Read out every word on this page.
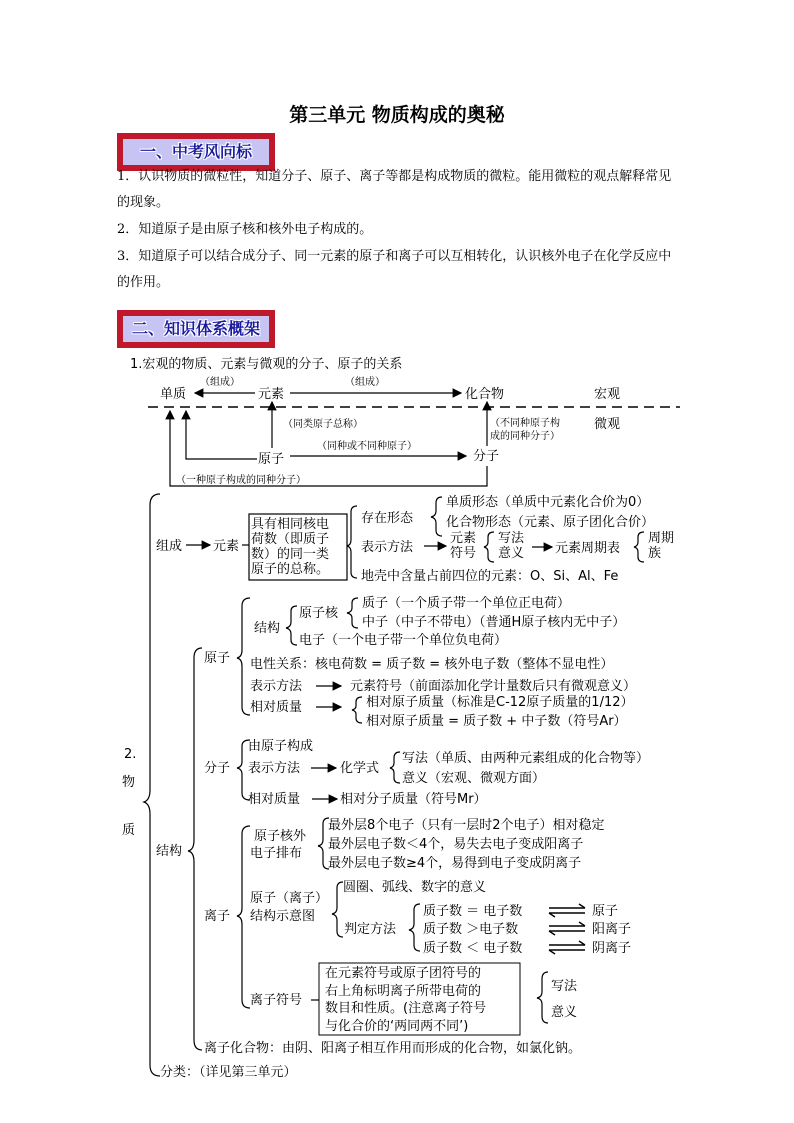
第三单元 物质构成的奥秘
一、中考风向标
1．认识物质的微粒性，知道分子、原子、离子等都是构成物质的微粒。能用微粒的观点解释常见的现象。
2．知道原子是由原子核和核外电子构成的。
3．知道原子可以结合成分子、同一元素的原子和离子可以互相转化，认识核外电子在化学反应中的作用。
二、知识体系概架
1.宏观的物质、元素与微观的分子、原子的关系
单质	元素	化合物	宏观
（组成）	（组成）
微观
（同类原子总称）	（不同种原子构
成的同种分子）
原子	分子
（同种或不同种原子）
（一种原子构成的同种分子）
2.
物
质
组成 元素
具有相同核电
荷数（即质子
数）的同一类
原子的总称。
存在形态
单质形态（单质中元素化合价为0）
化合物形态（元素、原子团化合价）
表示方法
元素
符号
写法
意义 元素周期表
周期
族
地壳中含量占前四位的元素：O、Si、Al、Fe
结构
原子
结构
原子核
质子（一个质子带一个单位正电荷）
中子（中子不带电）（普通H原子核内无中子）
电子（一个电子带一个单位负电荷）
电性关系：核电荷数 = 质子数 = 核外电子数（整体不显电性）
表示方法	元素符号（前面添加化学计量数后只有微观意义）
相对质量	相对原子质量（标准是C-12原子质量的1/12）
相对原子质量 = 质子数 + 中子数（符号Ar）
分子
由原子构成
表示方法	化学式
写法（单质、由两种元素组成的化合物等）
意义（宏观、微观方面）
相对质量	相对分子质量（符号Mr）
离子
原子核外
电子排布
最外层8个电子（只有一层时2个电子）相对稳定
最外层电子数＜4个，易失去电子变成阳离子
最外层电子数≥4个，易得到电子变成阴离子
原子（离子）
结构示意图
圆圈、弧线、数字的意义
判定方法
质子数 ＝ 电子数
质子数 ＞电子数
质子数 ＜ 电子数
原子
阳离子
阴离子
离子符号
在元素符号或原子团符号的
右上角标明离子所带电荷的
数目和性质。(注意离子符号
与化合价的‘两同两不同’)
写法
意义
离子化合物：由阴、阳离子相互作用而形成的化合物，如氯化钠。
分类：（详见第三单元）
